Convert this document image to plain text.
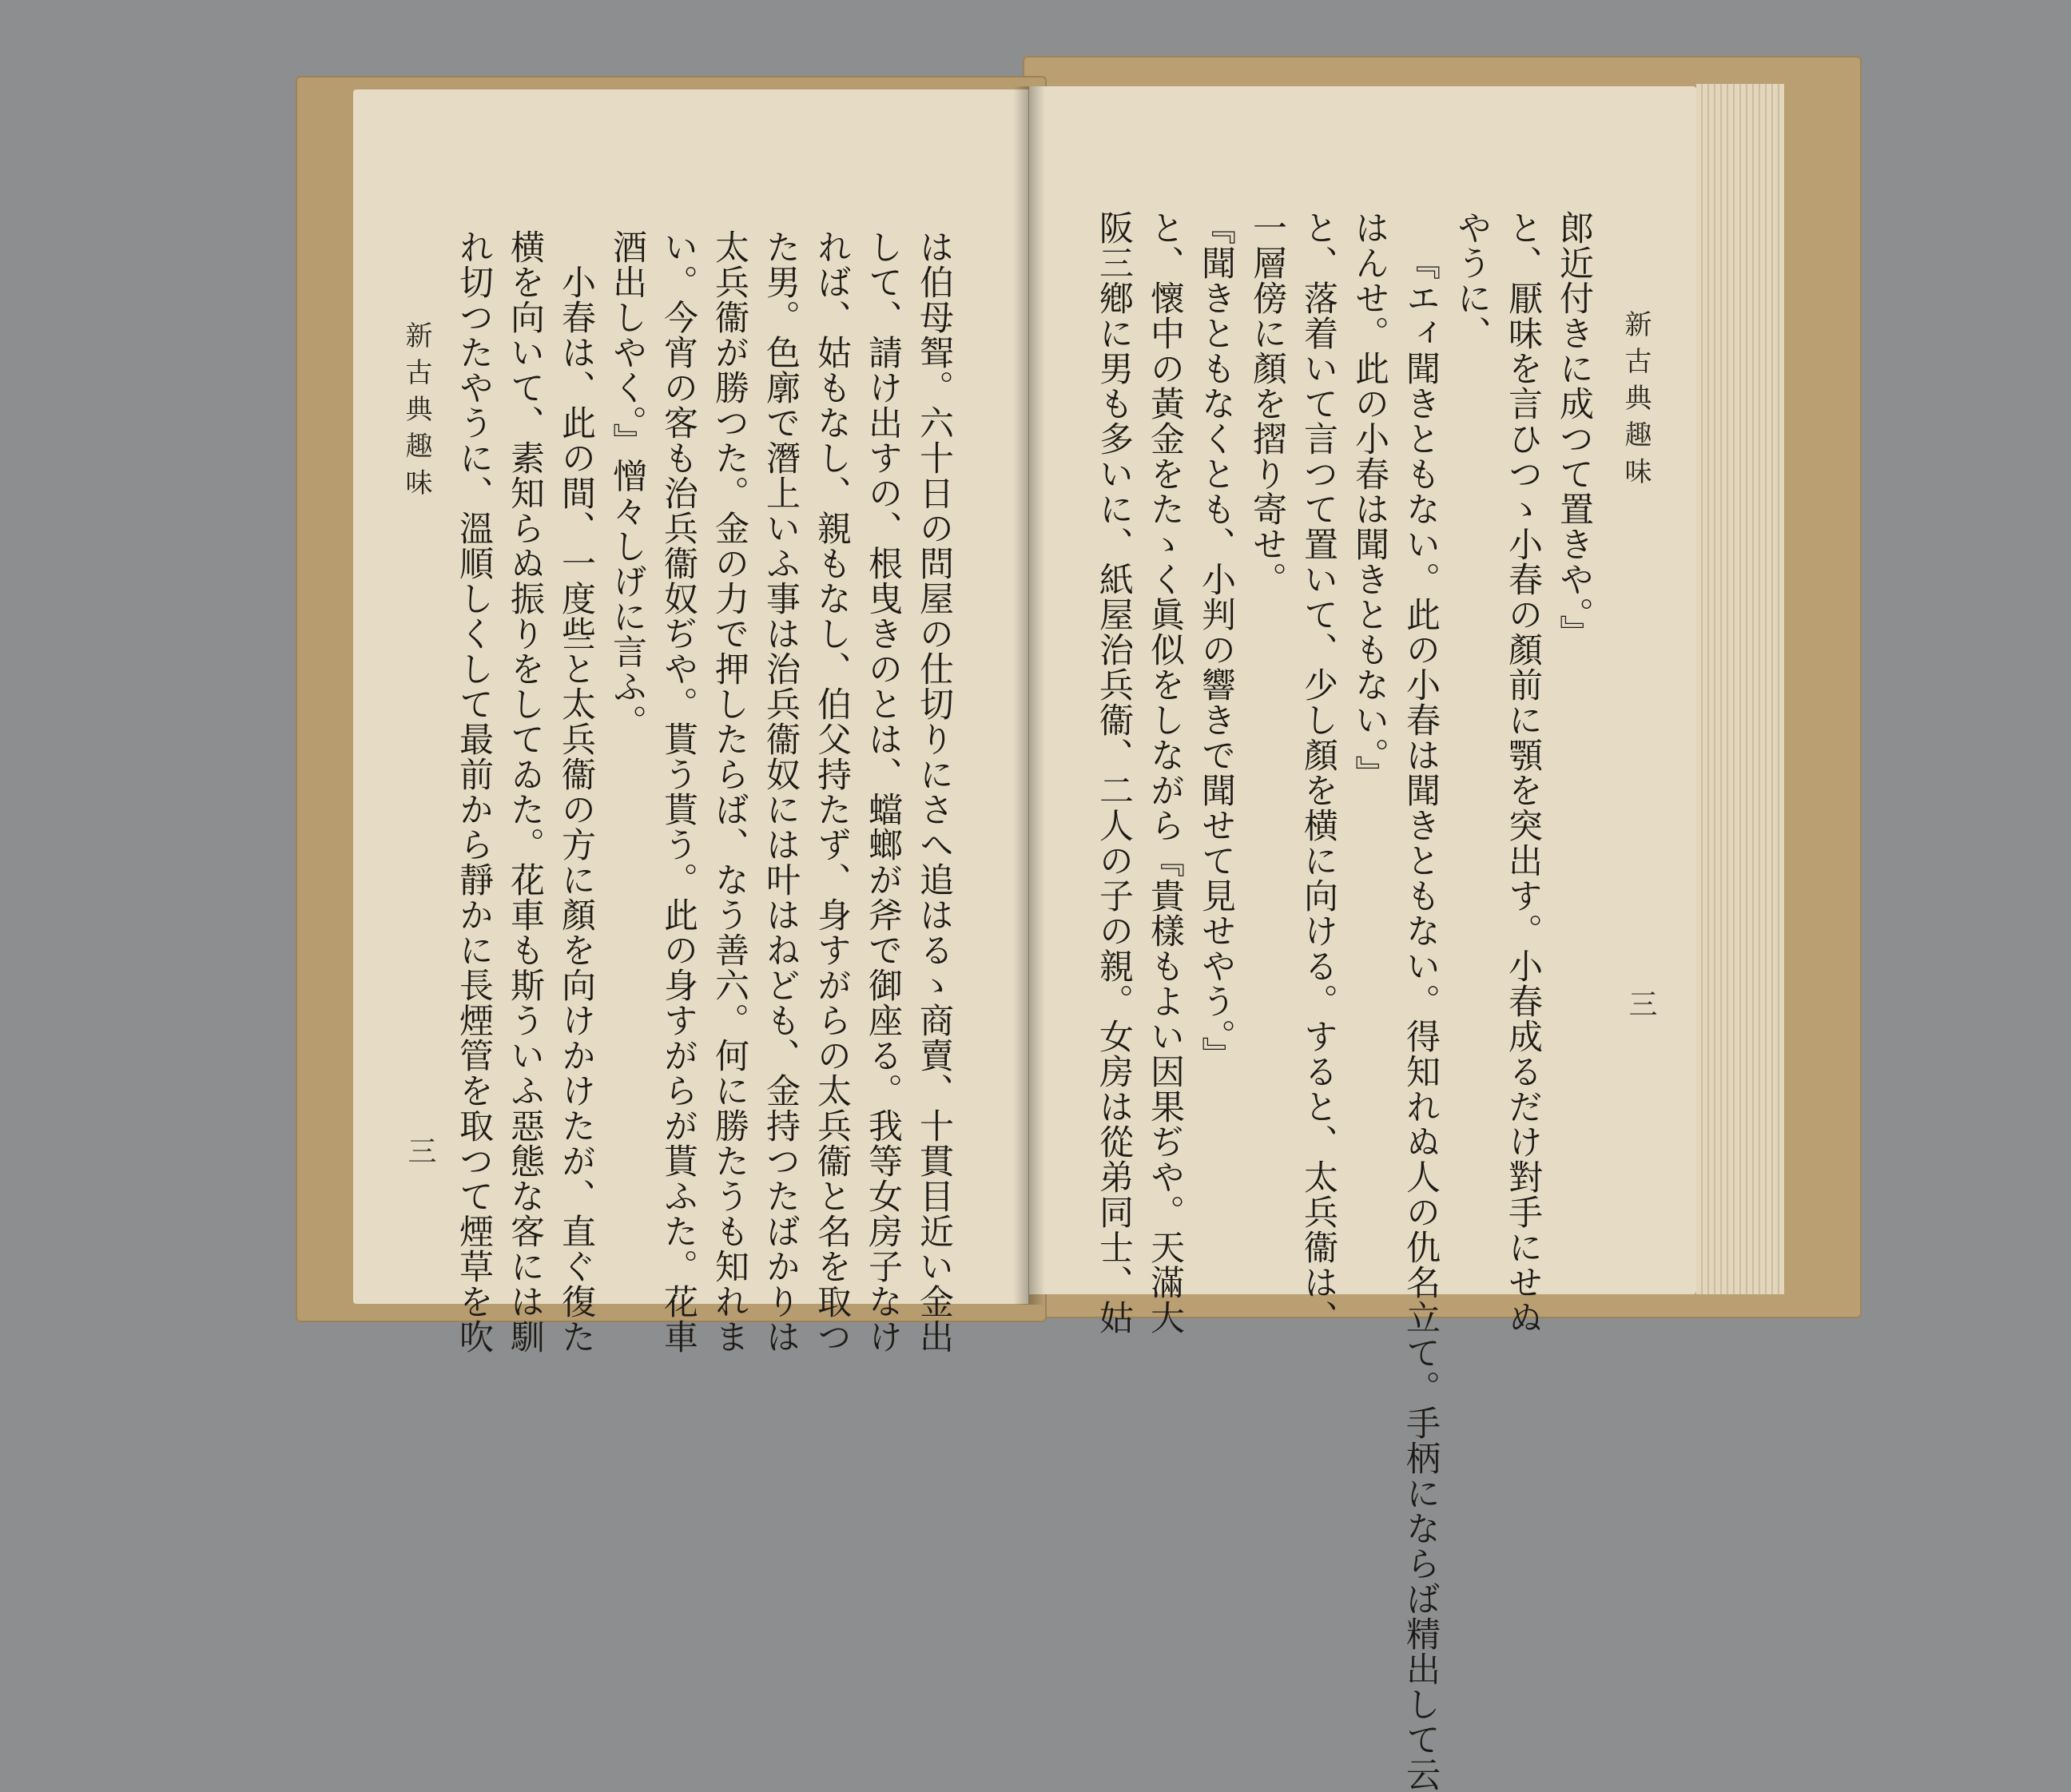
新古典趣味
三	は伯母聟。六十日の問屋の仕切りにさへ追はるゝ商賣、十貫目近い金出
して、請け出すの、根曳きのとは、蟷螂が斧で御座る。我等女房子なけ
れば、姑もなし、親もなし、伯父持たず、身すがらの太兵衞と名を取つ
た男。色廓で潛上いふ事は治兵衞奴には叶はねども、金持つたばかりは
太兵衞が勝つた。金の力で押したらば、なう善六。何に勝たうも知れま
い。今宵の客も治兵衞奴ぢや。貰う貰う。此の身すがらが貰ふた。花車
酒出しやく。』憎々しげに言ふ。
小春は、此の間、一度些と太兵衞の方に顏を向けかけたが、直ぐ復た
横を向いて、素知らぬ振りをしてゐた。花車も斯ういふ惡態な客には馴
れ切つたやうに、溫順しくして最前から靜かに長煙管を取つて煙草を吹	新古典趣味
三
郎近付きに成つて置きや。』
と、厭味を言ひつゝ小春の顏前に顎を突出す。小春成るだけ對手にせぬ
やうに、
『エィ聞きともない。此の小春は聞きともない。得知れぬ人の仇名立て。手柄にならば精出して云
はんせ。此の小春は聞きともない。』
と、落着いて言つて置いて、少し顏を横に向ける。すると、太兵衞は、
一層傍に顏を摺り寄せ。
『聞きともなくとも、小判の響きで聞せて見せやう。』
と、懷中の黃金をたゝく眞似をしながら『貴樣もよい因果ぢや。天滿大
阪三鄕に男も多いに、紙屋治兵衞、二人の子の親。女房は從弟同士、姑
